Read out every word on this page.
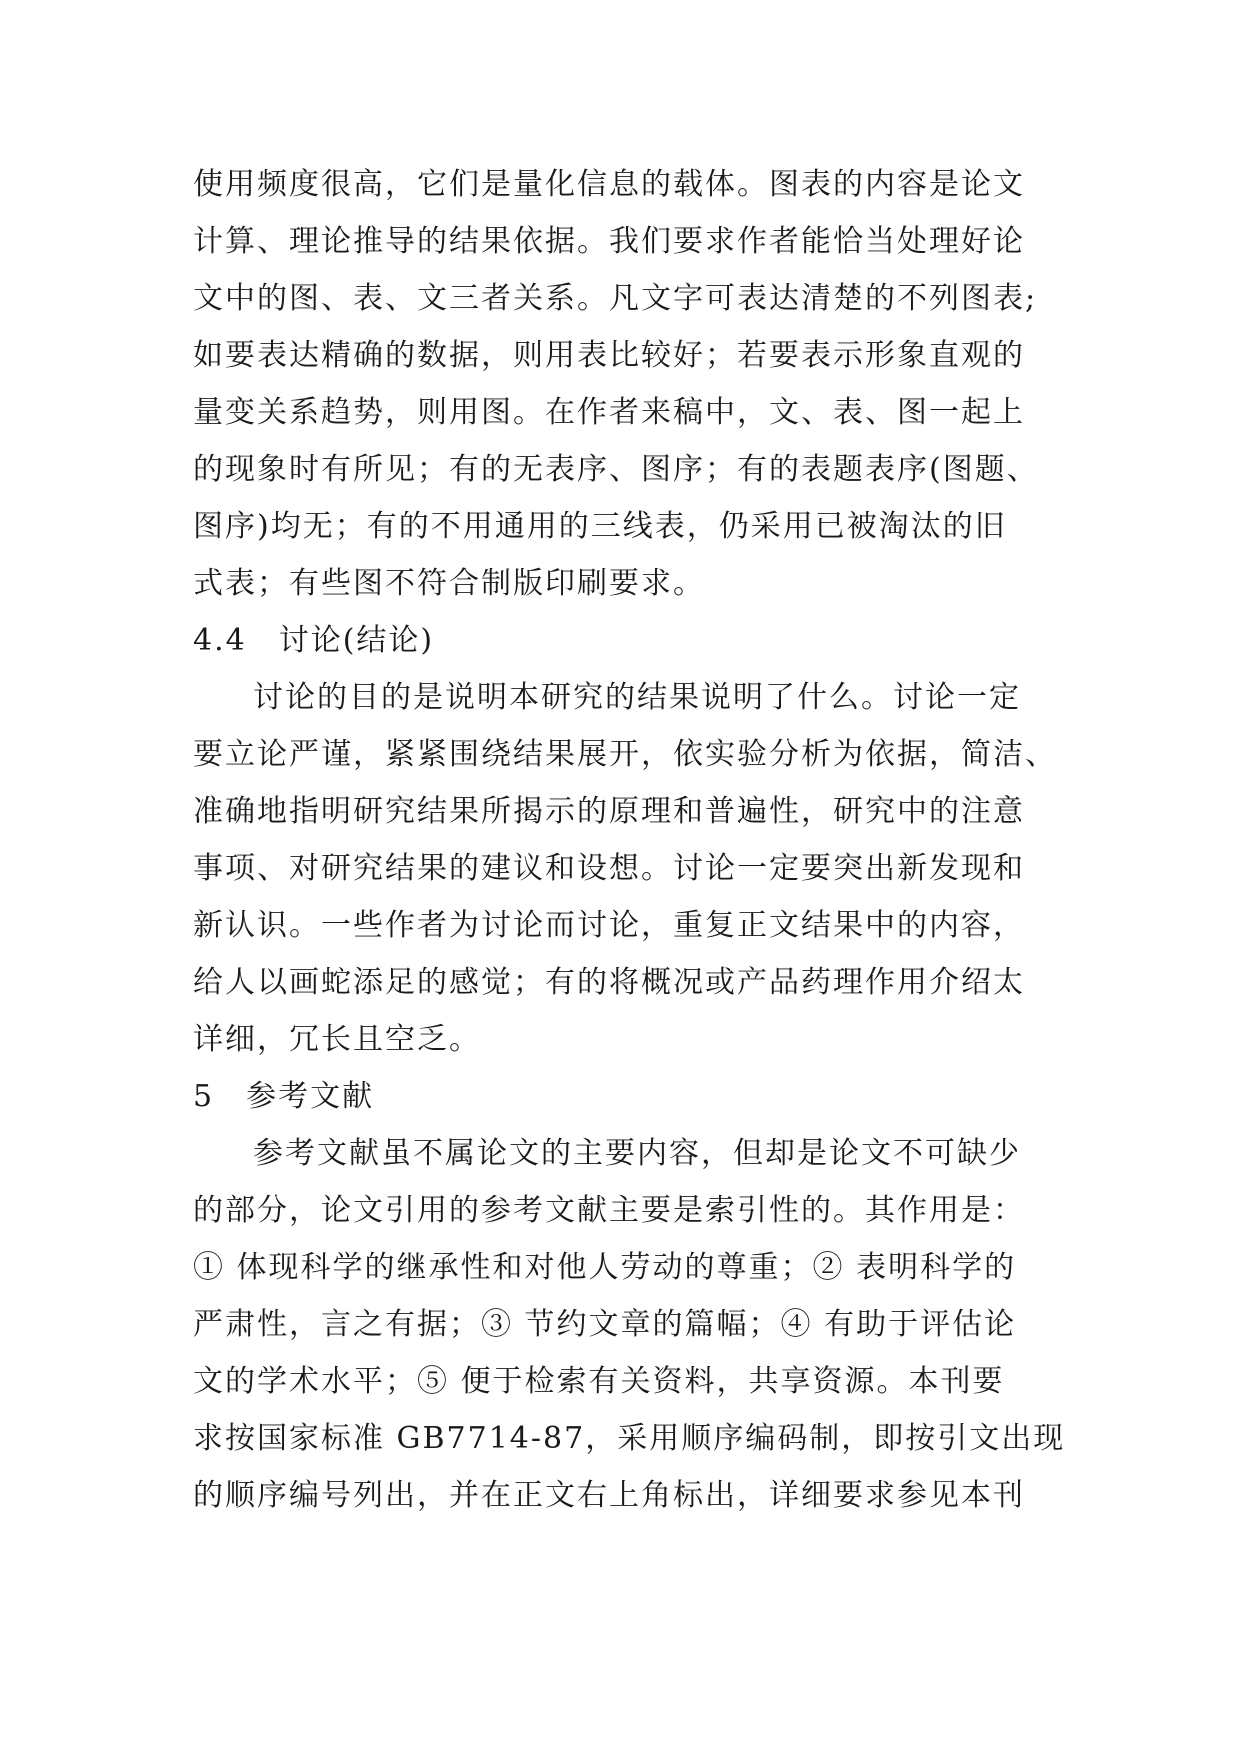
使用频度很高，它们是量化信息的载体。图表的内容是论文
计算、理论推导的结果依据。我们要求作者能恰当处理好论
文中的图、表、文三者关系。凡文字可表达清楚的不列图表;
如要表达精确的数据，则用表比较好；若要表示形象直观的
量变关系趋势，则用图。在作者来稿中，文、表、图一起上
的现象时有所见；有的无表序、图序；有的表题表序(图题、
图序)均无；有的不用通用的三线表，仍采用已被淘汰的旧
式表；有些图不符合制版印刷要求。
4.4　讨论(结论)
讨论的目的是说明本研究的结果说明了什么。讨论一定
要立论严谨，紧紧围绕结果展开，依实验分析为依据，简洁、
准确地指明研究结果所揭示的原理和普遍性，研究中的注意
事项、对研究结果的建议和设想。讨论一定要突出新发现和
新认识。一些作者为讨论而讨论，重复正文结果中的内容，
给人以画蛇添足的感觉；有的将概况或产品药理作用介绍太
详细，冗长且空乏。
5　参考文献
参考文献虽不属论文的主要内容，但却是论文不可缺少
的部分，论文引用的参考文献主要是索引性的。其作用是：
① 体现科学的继承性和对他人劳动的尊重；② 表明科学的
严肃性，言之有据；③ 节约文章的篇幅；④ 有助于评估论
文的学术水平；⑤ 便于检索有关资料，共享资源。本刊要
求按国家标准 GB7714-87，采用顺序编码制，即按引文出现
的顺序编号列出，并在正文右上角标出，详细要求参见本刊
